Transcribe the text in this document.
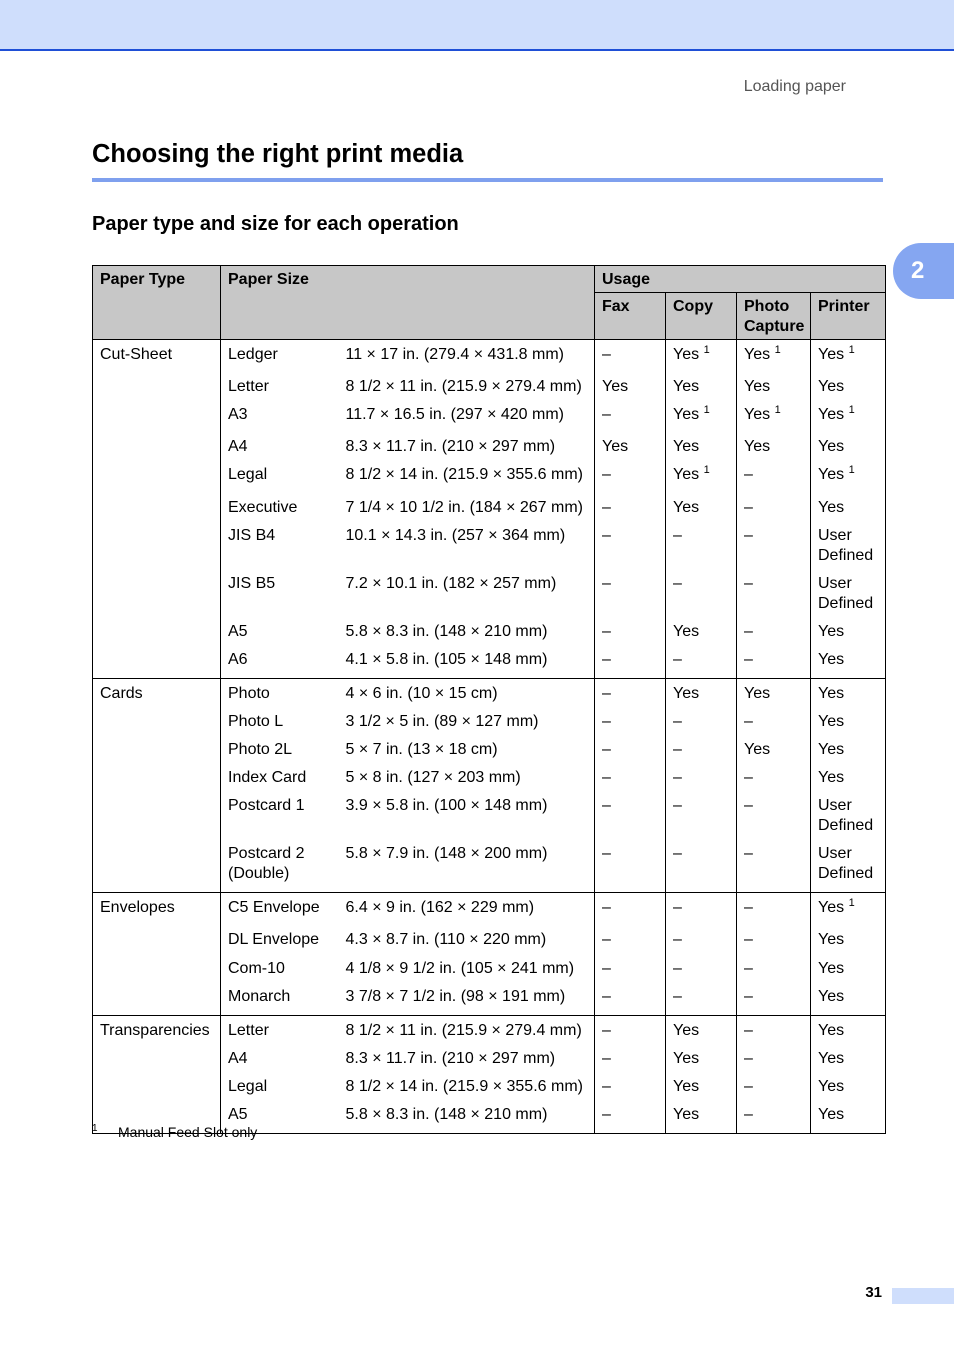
Loading paper
Choosing the right print media
Paper type and size for each operation
2
Paper Type	Paper Size		Usage			
			Fax	Copy	Photo Capture	Printer
Cut-Sheet	Ledger	11 × 17 in. (279.4 × 431.8 mm)	–	Yes $^1$	Yes $^1$	Yes $^1$
	Letter	8 1/2 × 11 in. (215.9 × 279.4 mm)	Yes	Yes	Yes	Yes
	A3	11.7 × 16.5 in. (297 × 420 mm)	–	Yes $^1$	Yes $^1$	Yes $^1$
	A4	8.3 × 11.7 in. (210 × 297 mm)	Yes	Yes	Yes	Yes
	Legal	8 1/2 × 14 in. (215.9 × 355.6 mm)	–	Yes $^1$	–	Yes $^1$
	Executive	7 1/4 × 10 1/2 in. (184 × 267 mm)	–	Yes	–	Yes
	JIS B4	10.1 × 14.3 in. (257 × 364 mm)	–	–	–	User Defined
	JIS B5	7.2 × 10.1 in. (182 × 257 mm)	–	–	–	User Defined
	A5	5.8 × 8.3 in. (148 × 210 mm)	–	Yes	–	Yes
	A6	4.1 × 5.8 in. (105 × 148 mm)	–	–	–	Yes
Cards	Photo	4 × 6 in. (10 × 15 cm)	–	Yes	Yes	Yes
	Photo L	3 1/2 × 5 in. (89 × 127 mm)	–	–	–	Yes
	Photo 2L	5 × 7 in. (13 × 18 cm)	–	–	Yes	Yes
	Index Card	5 × 8 in. (127 × 203 mm)	–	–	–	Yes
	Postcard 1	3.9 × 5.8 in. (100 × 148 mm)	–	–	–	User Defined
	Postcard 2 (Double)	5.8 × 7.9 in. (148 × 200 mm)	–	–	–	User Defined
Envelopes	C5 Envelope	6.4 × 9 in. (162 × 229 mm)	–	–	–	Yes $^1$
	DL Envelope	4.3 × 8.7 in. (110 × 220 mm)	–	–	–	Yes
	Com-10	4 1/8 × 9 1/2 in. (105 × 241 mm)	–	–	–	Yes
	Monarch	3 7/8 × 7 1/2 in. (98 × 191 mm)	–	–	–	Yes
Transparencies	Letter	8 1/2 × 11 in. (215.9 × 279.4 mm)	–	Yes	–	Yes
	A4	8.3 × 11.7 in. (210 × 297 mm)	–	Yes	–	Yes
	Legal	8 1/2 × 14 in. (215.9 × 355.6 mm)	–	Yes	–	Yes
	A5	5.8 × 8.3 in. (148 × 210 mm)	–	Yes	–	Yes
$^1$ Manual Feed Slot only
31
